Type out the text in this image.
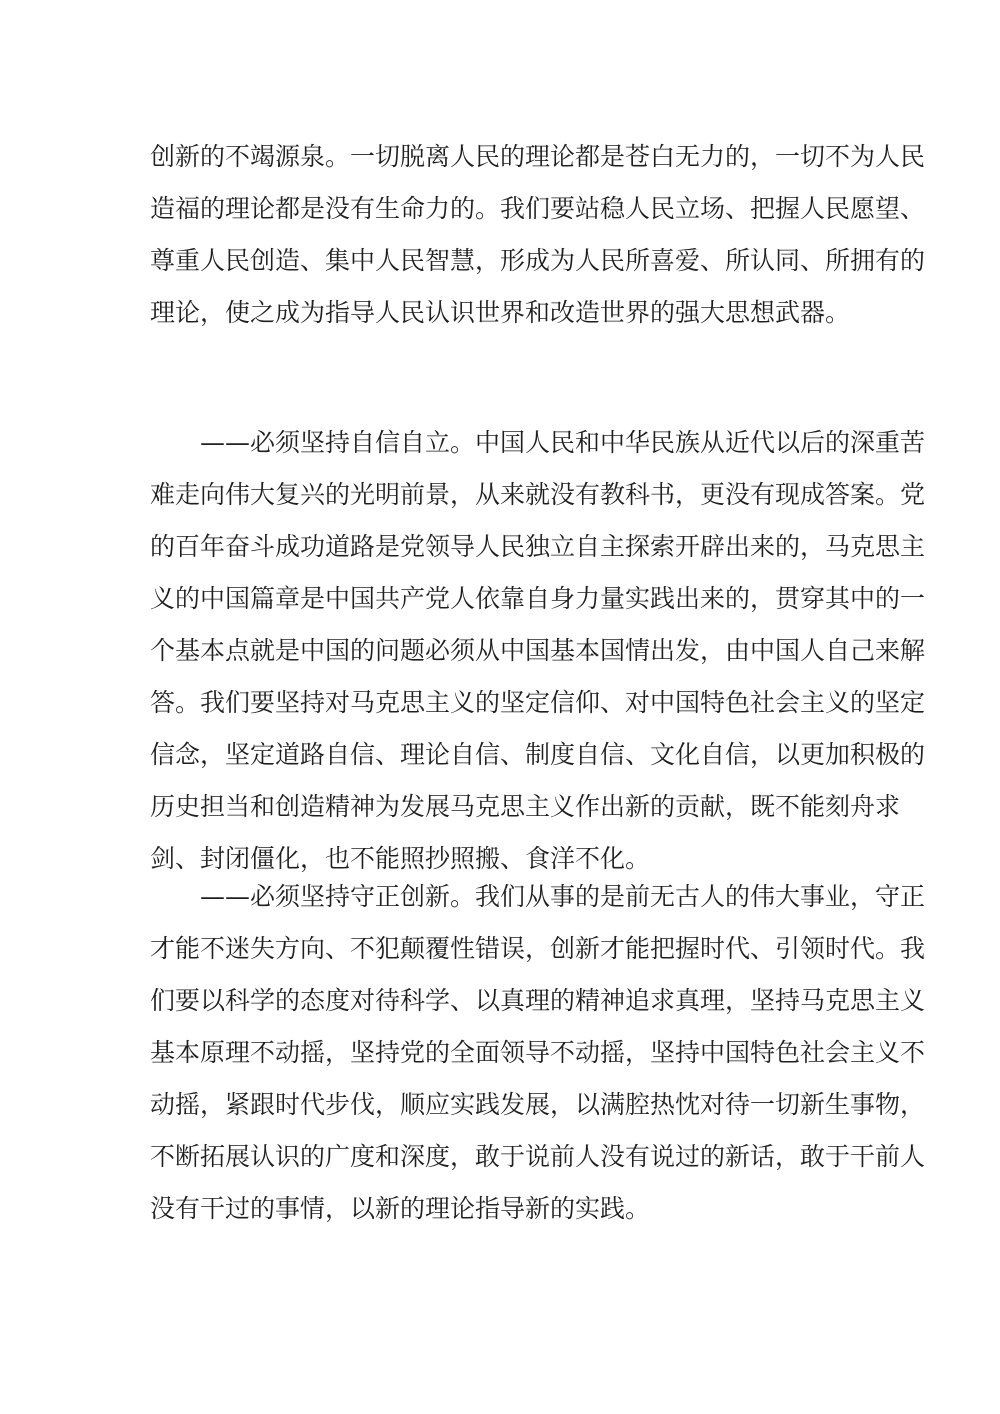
创新的不竭源泉。一切脱离人民的理论都是苍白无力的，一切不为人民
造福的理论都是没有生命力的。我们要站稳人民立场、把握人民愿望、
尊重人民创造、集中人民智慧，形成为人民所喜爱、所认同、所拥有的
理论，使之成为指导人民认识世界和改造世界的强大思想武器。
　　——必须坚持自信自立。中国人民和中华民族从近代以后的深重苦
难走向伟大复兴的光明前景，从来就没有教科书，更没有现成答案。党
的百年奋斗成功道路是党领导人民独立自主探索开辟出来的，马克思主
义的中国篇章是中国共产党人依靠自身力量实践出来的，贯穿其中的一
个基本点就是中国的问题必须从中国基本国情出发，由中国人自己来解
答。我们要坚持对马克思主义的坚定信仰、对中国特色社会主义的坚定
信念，坚定道路自信、理论自信、制度自信、文化自信，以更加积极的
历史担当和创造精神为发展马克思主义作出新的贡献，既不能刻舟求
剑、封闭僵化，也不能照抄照搬、食洋不化。
　　——必须坚持守正创新。我们从事的是前无古人的伟大事业，守正
才能不迷失方向、不犯颠覆性错误，创新才能把握时代、引领时代。我
们要以科学的态度对待科学、以真理的精神追求真理，坚持马克思主义
基本原理不动摇，坚持党的全面领导不动摇，坚持中国特色社会主义不
动摇，紧跟时代步伐，顺应实践发展，以满腔热忱对待一切新生事物，
不断拓展认识的广度和深度，敢于说前人没有说过的新话，敢于干前人
没有干过的事情，以新的理论指导新的实践。
